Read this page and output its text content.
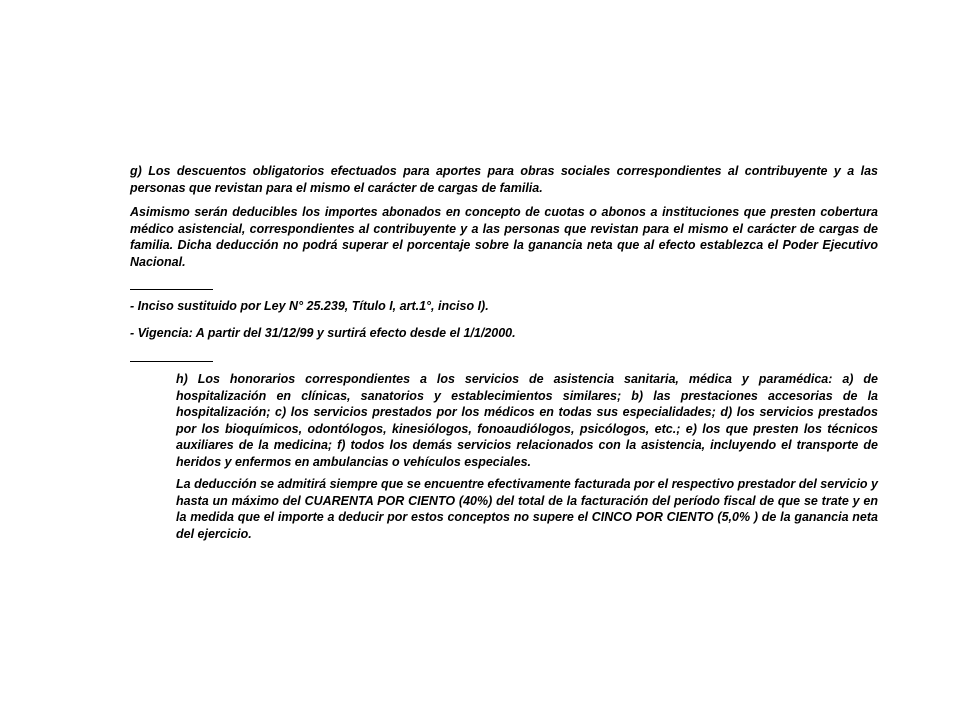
g) Los descuentos obligatorios efectuados para aportes para obras sociales correspondientes al contribuyente y a las personas que revistan para el mismo el carácter de cargas de familia.

Asimismo serán deducibles los importes abonados en concepto de cuotas o abonos a instituciones que presten cobertura médico asistencial, correspondientes al contribuyente y a las personas que revistan para el mismo el carácter de cargas de familia. Dicha deducción no podrá superar el porcentaje sobre la ganancia neta que al efecto establezca el Poder Ejecutivo Nacional.

- Inciso sustituido por Ley N° 25.239, Título I, art.1°, inciso I).

- Vigencia: A partir del 31/12/99 y surtirá efecto desde el 1/1/2000.

h) Los honorarios correspondientes a los servicios de asistencia sanitaria, médica y paramédica: a) de hospitalización en clínicas, sanatorios y establecimientos similares; b) las prestaciones accesorias de la hospitalización; c) los servicios prestados por los médicos en todas sus especialidades; d) los servicios prestados por los bioquímicos, odontólogos, kinesiólogos, fonoaudiólogos, psicólogos, etc.; e) los que presten los técnicos auxiliares de la medicina; f) todos los demás servicios relacionados con la asistencia, incluyendo el transporte de heridos y enfermos en ambulancias o vehículos especiales.

La deducción se admitirá siempre que se encuentre efectivamente facturada por el respectivo prestador del servicio y hasta un máximo del CUARENTA POR CIENTO (40%) del total de la facturación del período fiscal de que se trate y en la medida que el importe a deducir por estos conceptos no supere el CINCO POR CIENTO (5,0% ) de la ganancia neta del ejercicio.
